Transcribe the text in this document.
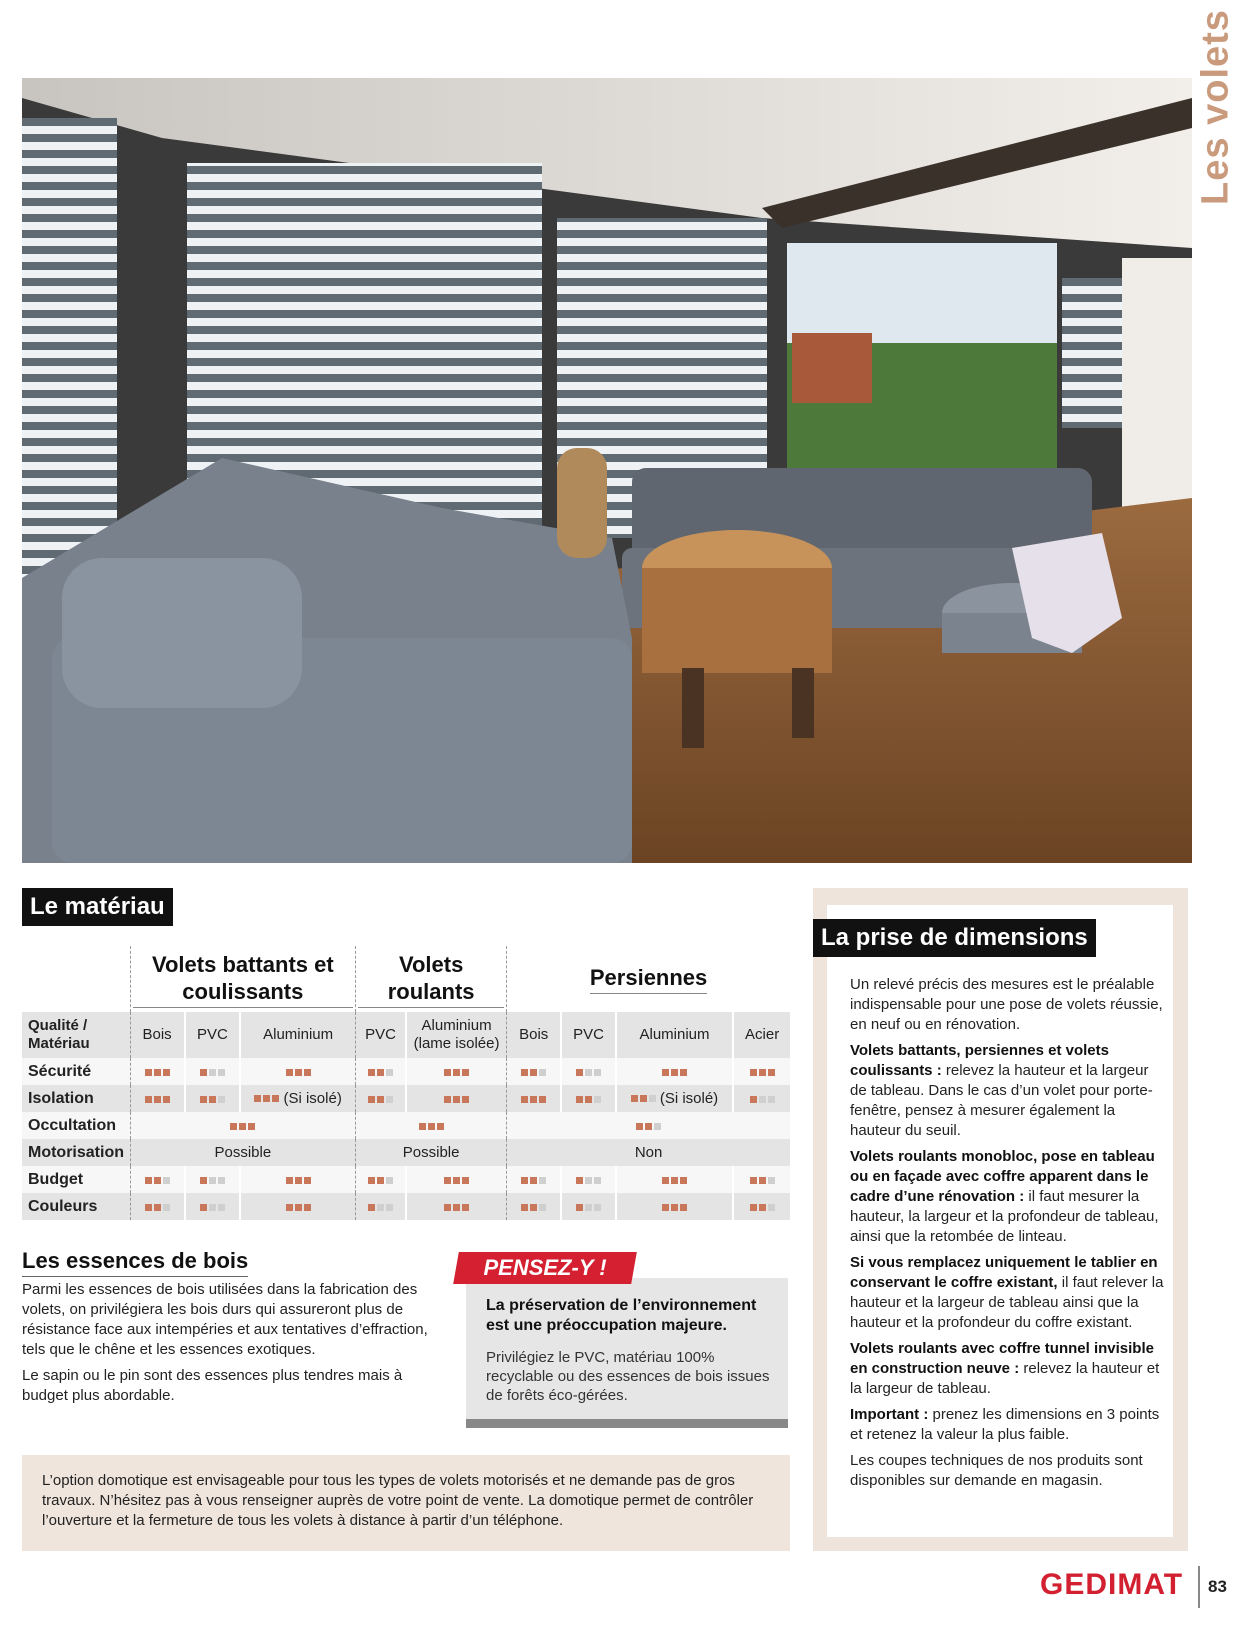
Les volets
Le matériau
	Volets battants et coulissants			Volets roulants		Persiennes			
Qualité / Matériau	Bois	PVC	Aluminium	PVC	Aluminium (lame isolée)	Bois	PVC	Aluminium	Acier
Sécurité	

Isolation			(Si isolé)					(Si isolé)	

Occultation							

Motorisation	Possible			Possible		Non			
Budget	

Couleurs	

Les essences de bois

Parmi les essences de bois utilisées dans la fabrication des volets, on privilégiera les bois durs qui assureront plus de résistance face aux intempéries et aux tentatives d’effraction, tels que le chêne et les essences exotiques.

Le sapin ou le pin sont des essences plus tendres mais à budget plus abordable.

La préservation de l’environnement est une préoccupation majeure.
Privilégiez le PVC, matériau 100% recyclable ou des essences de bois issues de forêts éco-gérées.
PENSEZ-Y !
L’option domotique est envisageable pour tous les types de volets motorisés et ne demande pas de gros travaux. N’hésitez pas à vous renseigner auprès de votre point de vente. La domotique permet de contrôler l’ouverture et la fermeture de tous les volets à distance à partir d’un téléphone.
La prise de dimensions

Un relevé précis des mesures est le préalable indispensable pour une pose de volets réussie, en neuf ou en rénovation.

Volets battants, persiennes et volets coulissants : relevez la hauteur et la largeur de tableau. Dans le cas d’un volet pour porte-fenêtre, pensez à mesurer également la hauteur du seuil.

Volets roulants monobloc, pose en tableau ou en façade avec coffre apparent dans le cadre d’une rénovation : il faut mesurer la hauteur, la largeur et la profondeur de tableau, ainsi que la retombée de linteau.

Si vous remplacez uniquement le tablier en conservant le coffre existant, il faut relever la hauteur et la largeur de tableau ainsi que la hauteur et la profondeur du coffre existant.

Volets roulants avec coffre tunnel invisible en construction neuve : relevez la hauteur et la largeur de tableau.

Important : prenez les dimensions en 3 points et retenez la valeur la plus faible.

Les coupes techniques de nos produits sont disponibles sur demande en magasin.

GEDIMAT 83
